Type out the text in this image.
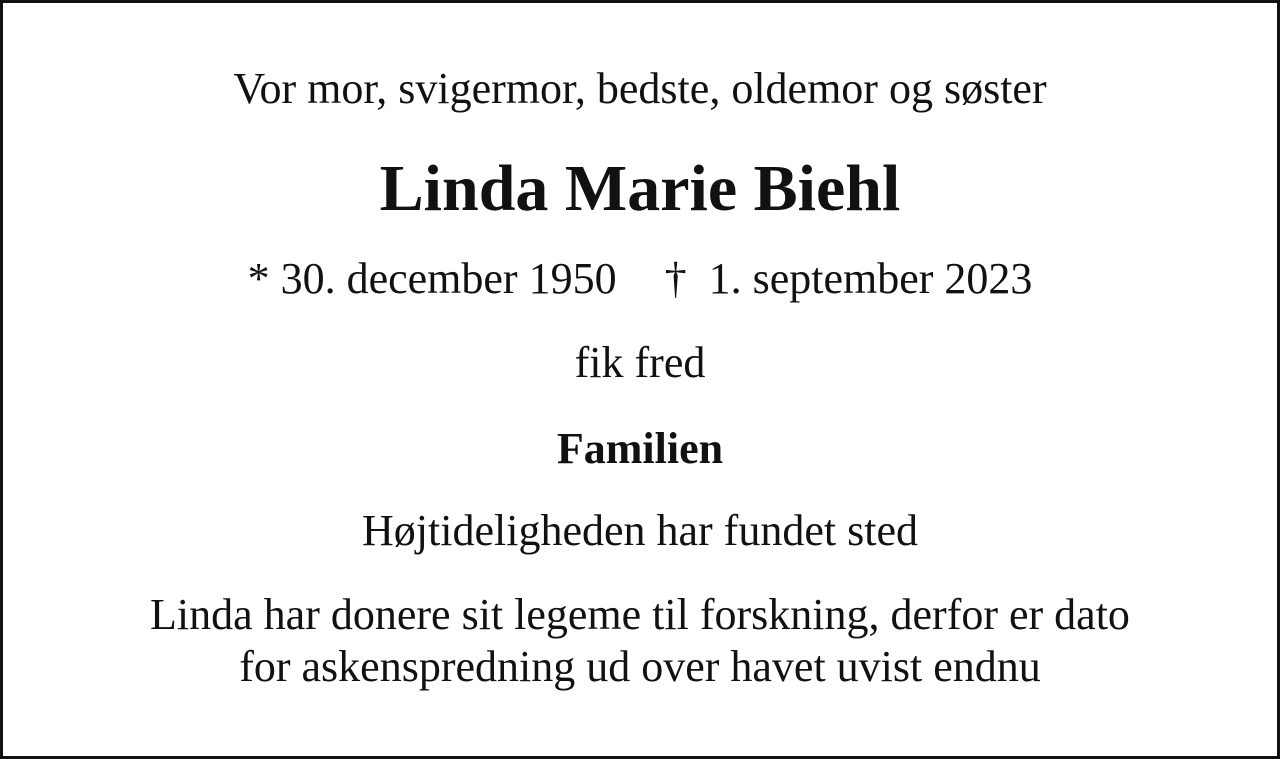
Vor mor, svigermor, bedste, oldemor og søster

Linda Marie Biehl

* 30. december 1950 † 1. september 2023

fik fred

Familien

Højtideligheden har fundet sted

Linda har donere sit legeme til forskning, derfor er dato
for askenspredning ud over havet uvist endnu
